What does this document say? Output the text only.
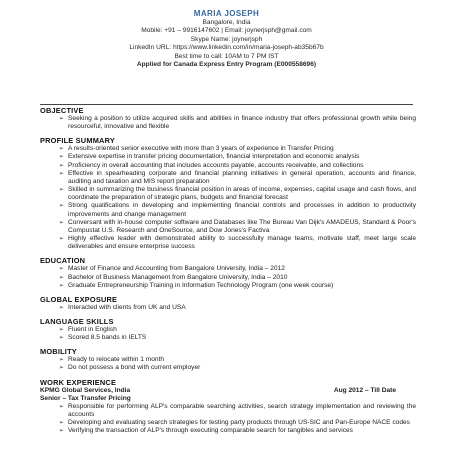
MARIA JOSEPH
Bangalore, India
Mobile: +91 – 9916147602 | Email: joynerjsph@gmail.com
Skype Name: joynerjsph
LinkedIn URL: https://www.linkedin.com/in/maria-joseph-ab35b67b
Best time to call: 10AM to 7 PM IST
Applied for Canada Express Entry Program (E000558696)
OBJECTIVE
➢ Seeking a position to utilize acquired skills and abilities in finance industry that offers professional growth while being resourceful, innovative and flexible
PROFILE SUMMARY
➢ A results-oriented senior executive with more than 3 years of experience in Transfer Pricing
➢ Extensive expertise in transfer pricing documentation, financial interpretation and economic analysis
➢ Proficiency in overall accounting that includes accounts payable, accounts receivable, and collections
➢ Effective in spearheading corporate and financial planning initiatives in general operation, accounts and finance, auditing and taxation and MIS report preparation
➢ Skilled in summarizing the business financial position in areas of income, expenses, capital usage and cash flows, and coordinate the preparation of strategic plans, budgets and financial forecast
➢ Strong qualifications in developing and implementing financial controls and processes in addition to productivity improvements and change management
➢ Conversant with in-house computer software and Databases like The Bureau Van Dijk's AMADEUS, Standard & Poor's Compustat U.S. Research and OneSource, and Dow Jones's Factiva
➢ Highly effective leader with demonstrated ability to successfully manage teams, motivate staff, meet large scale deliverables and ensure enterprise success
EDUCATION
➢ Master of Finance and Accounting from Bangalore University, India – 2012
➢ Bachelor of Business Management from Bangalore University, India – 2010
➢ Graduate Entrepreneurship Training in Information Technology Program (one week course)
GLOBAL EXPOSURE
➢ Interacted with clients from UK and USA
LANGUAGE SKILLS
➢ Fluent in English
➢ Scored 8.5 bands in IELTS
MOBILITY
➢ Ready to relocate within 1 month
➢ Do not possess a bond with current employer
WORK EXPERIENCE
KPMG Global Services, India	Aug 2012 – Till Date
Senior – Tax Transfer Pricing
➢ Responsible for performing ALP's comparable searching activities, search strategy implementation and reviewing the accounts
➢ Developing and evaluating search strategies for testing party products through US-SIC and Pan-Europe NACE codes
➢ Verifying the transaction of ALP's through executing comparable search for tangibles and services
